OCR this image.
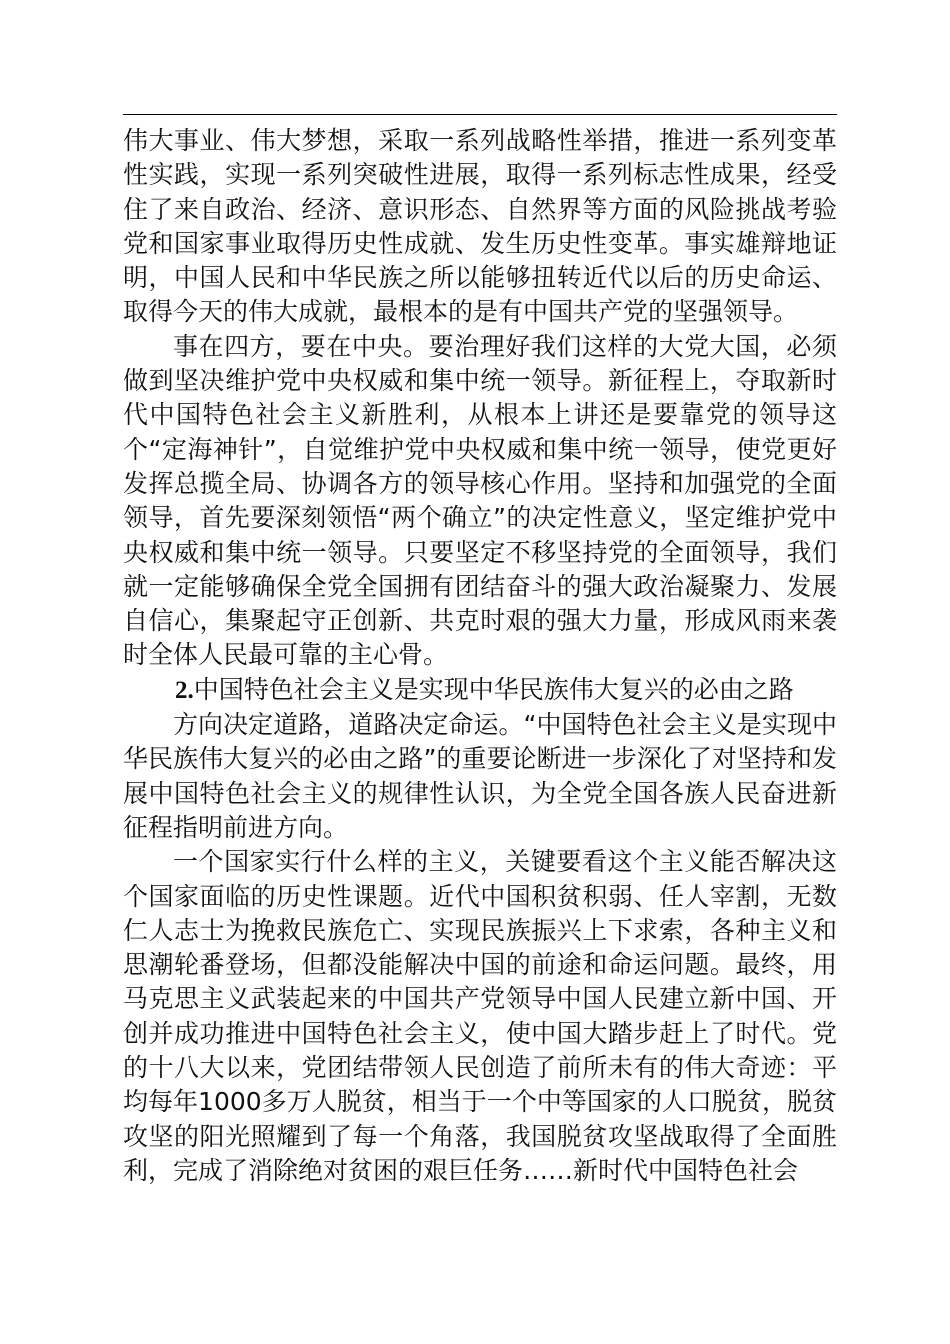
伟大事业、伟大梦想，采取一系列战略性举措，推进一系列变革性实践，实现一系列突破性进展，取得一系列标志性成果，经受住了来自政治、经济、意识形态、自然界等方面的风险挑战考验党和国家事业取得历史性成就、发生历史性变革。事实雄辩地证明，中国人民和中华民族之所以能够扭转近代以后的历史命运、取得今天的伟大成就，最根本的是有中国共产党的坚强领导。

事在四方，要在中央。要治理好我们这样的大党大国，必须做到坚决维护党中央权威和集中统一领导。新征程上，夺取新时代中国特色社会主义新胜利，从根本上讲还是要靠党的领导这个“定海神针”，自觉维护党中央权威和集中统一领导，使党更好发挥总揽全局、协调各方的领导核心作用。坚持和加强党的全面领导，首先要深刻领悟“两个确立”的决定性意义，坚定维护党中央权威和集中统一领导。只要坚定不移坚持党的全面领导，我们就一定能够确保全党全国拥有团结奋斗的强大政治凝聚力、发展自信心，集聚起守正创新、共克时艰的强大力量，形成风雨来袭时全体人民最可靠的主心骨。

2.中国特色社会主义是实现中华民族伟大复兴的必由之路

方向决定道路，道路决定命运。“中国特色社会主义是实现中华民族伟大复兴的必由之路”的重要论断进一步深化了对坚持和发展中国特色社会主义的规律性认识，为全党全国各族人民奋进新征程指明前进方向。

一个国家实行什么样的主义，关键要看这个主义能否解决这个国家面临的历史性课题。近代中国积贫积弱、任人宰割，无数仁人志士为挽救民族危亡、实现民族振兴上下求索，各种主义和思潮轮番登场，但都没能解决中国的前途和命运问题。最终，用马克思主义武装起来的中国共产党领导中国人民建立新中国、开创并成功推进中国特色社会主义，使中国大踏步赶上了时代。党的十八大以来，党团结带领人民创造了前所未有的伟大奇迹：平均每年1000多万人脱贫，相当于一个中等国家的人口脱贫，脱贫攻坚的阳光照耀到了每一个角落，我国脱贫攻坚战取得了全面胜利，完成了消除绝对贫困的艰巨任务……新时代中国特色社会
